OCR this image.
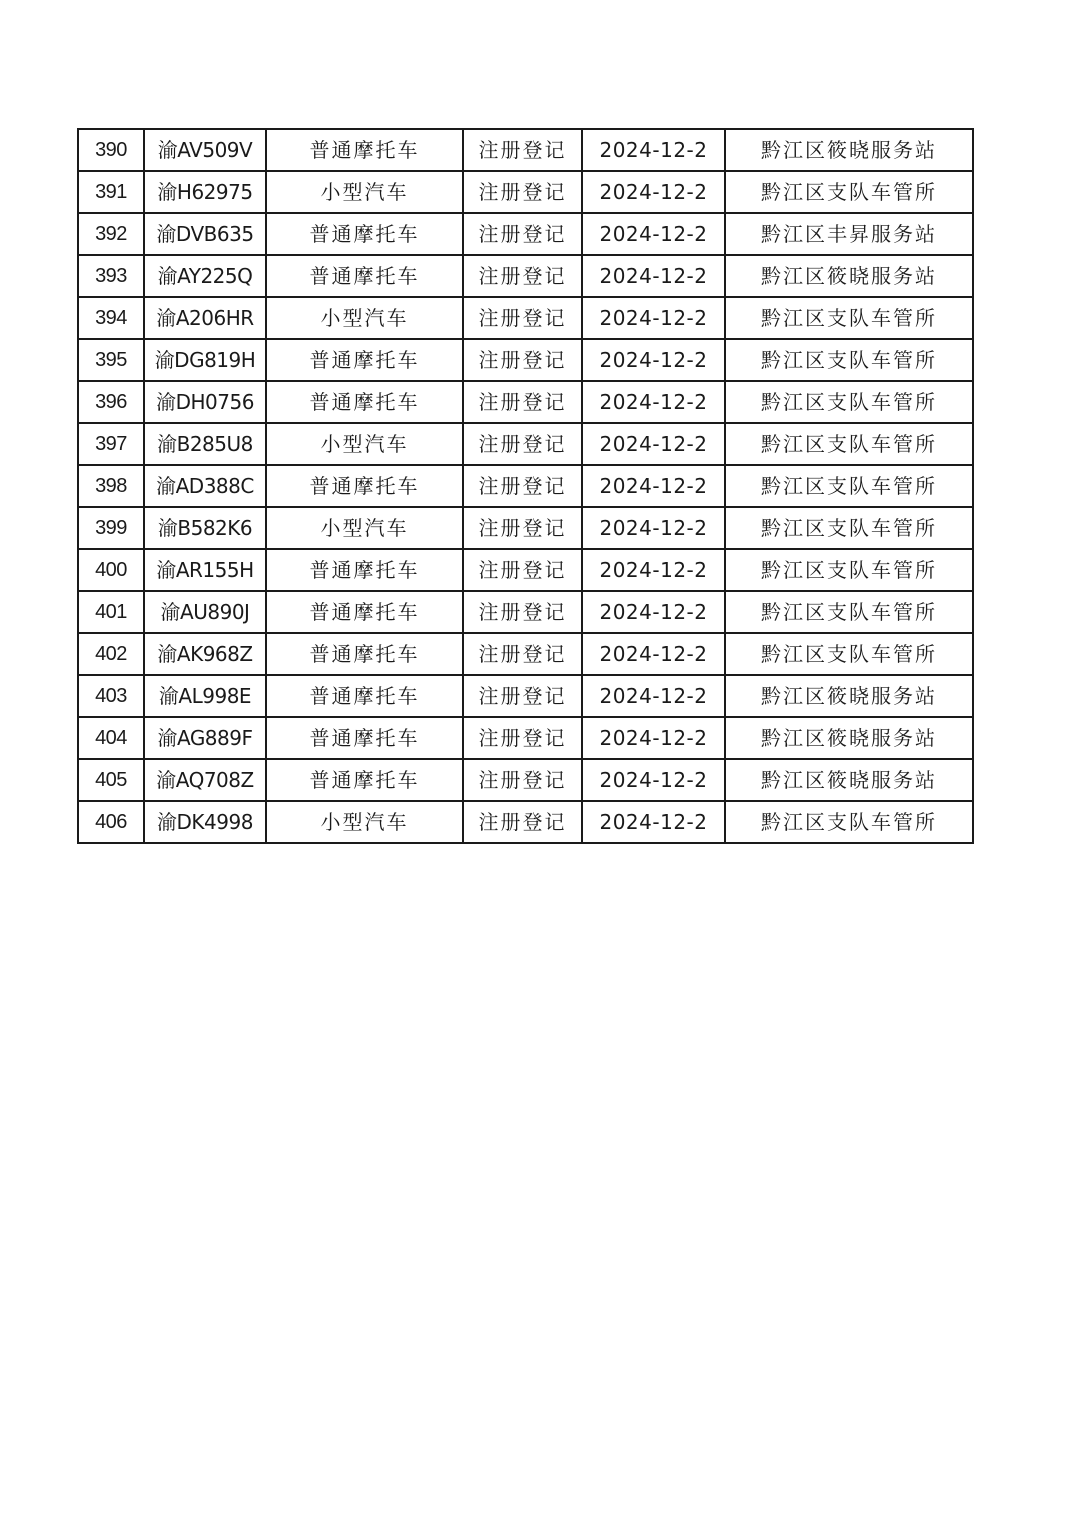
390	渝AV509V	普通摩托车	注册登记	2024-12-2	黔江区筱晓服务站
391	渝H62975	小型汽车	注册登记	2024-12-2	黔江区支队车管所
392	渝DVB635	普通摩托车	注册登记	2024-12-2	黔江区丰昇服务站
393	渝AY225Q	普通摩托车	注册登记	2024-12-2	黔江区筱晓服务站
394	渝A206HR	小型汽车	注册登记	2024-12-2	黔江区支队车管所
395	渝DG819H	普通摩托车	注册登记	2024-12-2	黔江区支队车管所
396	渝DH0756	普通摩托车	注册登记	2024-12-2	黔江区支队车管所
397	渝B285U8	小型汽车	注册登记	2024-12-2	黔江区支队车管所
398	渝AD388C	普通摩托车	注册登记	2024-12-2	黔江区支队车管所
399	渝B582K6	小型汽车	注册登记	2024-12-2	黔江区支队车管所
400	渝AR155H	普通摩托车	注册登记	2024-12-2	黔江区支队车管所
401	渝AU890J	普通摩托车	注册登记	2024-12-2	黔江区支队车管所
402	渝AK968Z	普通摩托车	注册登记	2024-12-2	黔江区支队车管所
403	渝AL998E	普通摩托车	注册登记	2024-12-2	黔江区筱晓服务站
404	渝AG889F	普通摩托车	注册登记	2024-12-2	黔江区筱晓服务站
405	渝AQ708Z	普通摩托车	注册登记	2024-12-2	黔江区筱晓服务站
406	渝DK4998	小型汽车	注册登记	2024-12-2	黔江区支队车管所
